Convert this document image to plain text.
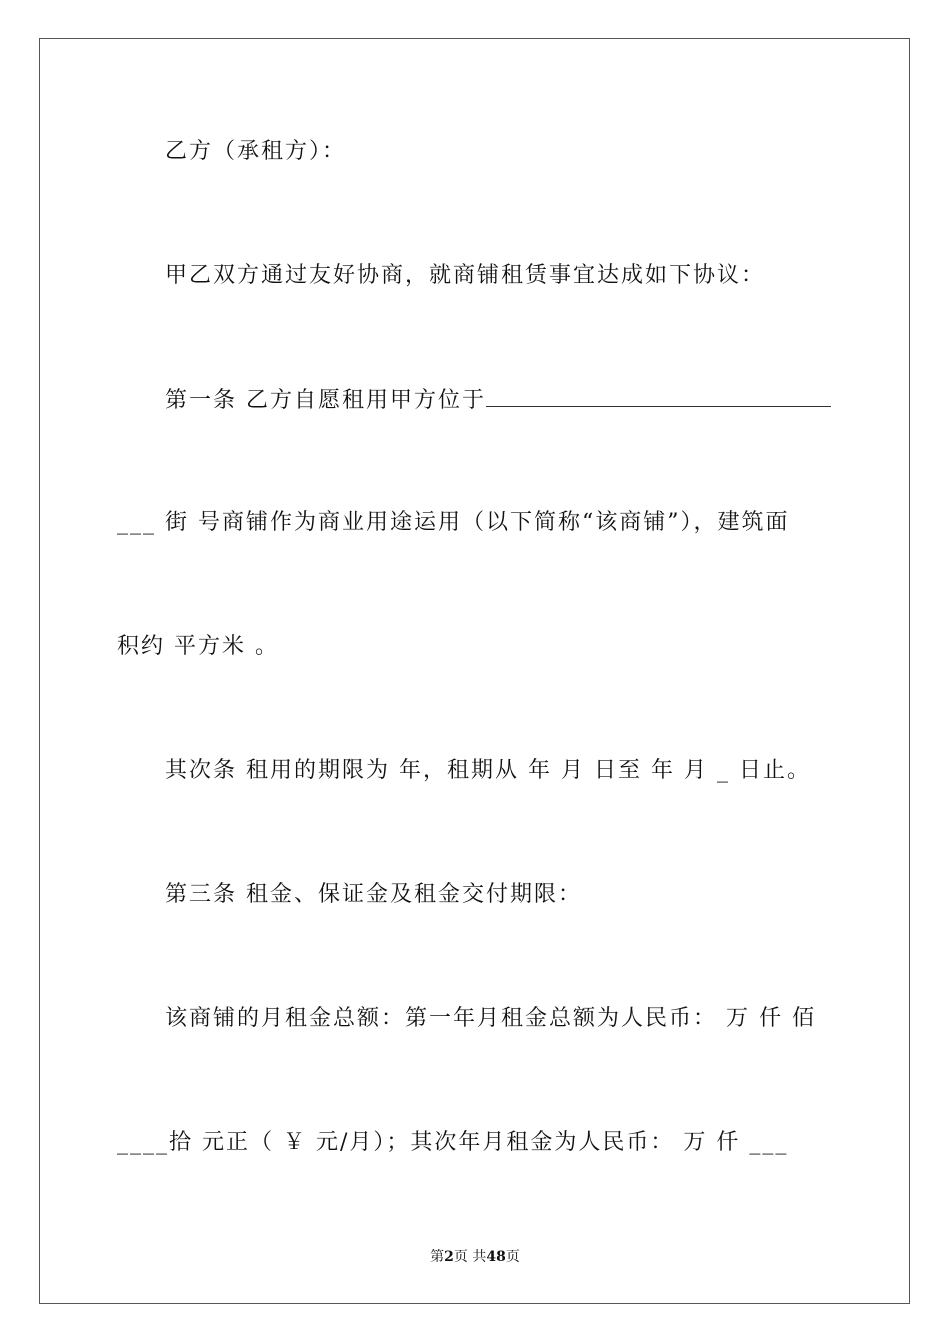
乙方（承租方）：
甲乙双方通过友好协商，就商铺租赁事宜达成如下协议：
第一条 乙方自愿租用甲方位于
___ 街 号商铺作为商业用途运用（以下简称“该商铺”），建筑面
积约 平方米 。
其次条 租用的期限为 年，租期从 年 月 日至 年 月 _ 日止。
第三条 租金、保证金及租金交付期限：
该商铺的月租金总额：第一年月租金总额为人民币： 万 仟 佰
____拾 元正（ ￥ 元/月）；其次年月租金为人民币： 万 仟 ___
第2页 共48页
